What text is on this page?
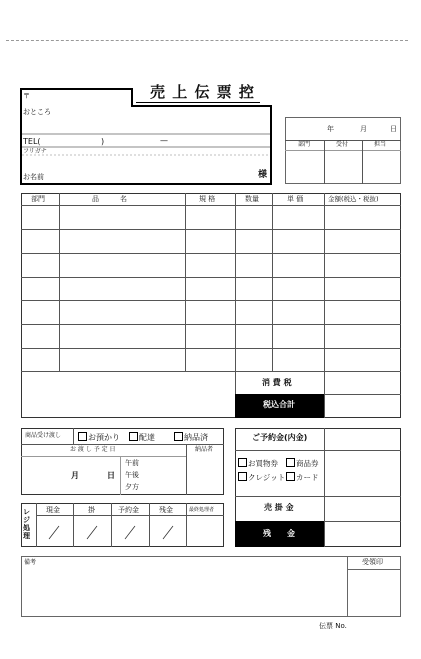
売 上 伝 票 控
〒
おところ
TEL(	)	—
フリガナ
お名前	様
年	月	日
部門	受付	担当
部門	品　　　名	規 格	数量	単 価	金額(税込・税抜)
消 費 税
税込合計
商品受け渡し	お預かり	配達	納品済
お 渡 し 予 定 日	納品者
月	日
午前
午後
夕方
レジ処理
現金	掛	予約金	残金	最終処理者
ご予約金(内金)
お買物券	商品券
クレジット	カード
売 掛 金
残　　金
備考	受領印
伝票 No.
